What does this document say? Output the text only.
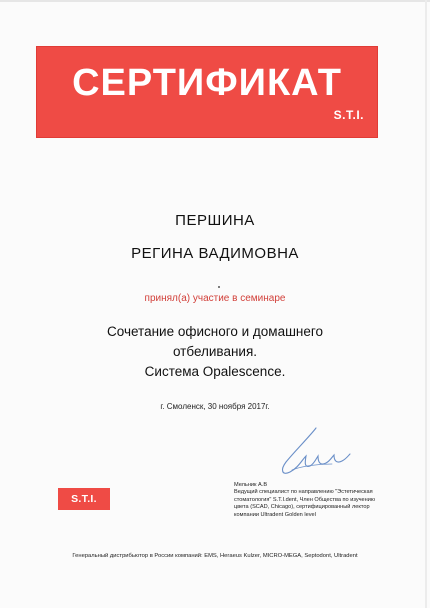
СЕРТИФИКАТ
S.T.I.
ПЕРШИНА
РЕГИНА ВАДИМОВНА
принял(а) участие в семинаре
Сочетание офисного и домашнего
отбеливания.
Система Opalescence.
г. Смоленск, 30 ноября 2017г.
Мельник А.В
Ведущий специалист по направлению "Эстетическая
стоматология" S.T.I.dent, Член Общества по изучению
цвета (SCAD, Chicago), сертифицированный лектор
компании Ultradent Golden level
S.T.I.
Генеральный дистрибьютор в России компаний: EMS, Heraeus Kulzer, MICRO-MEGA, Septodont, Ultradent
